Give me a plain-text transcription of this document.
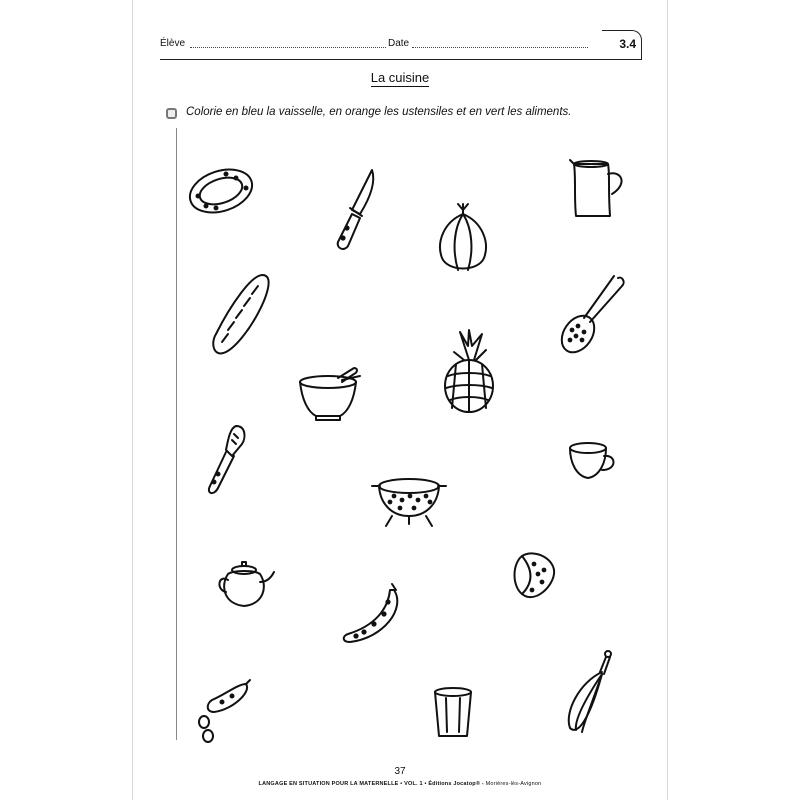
Élève	Date	3.4
La cuisine
Colorie en bleu la vaisselle, en orange les ustensiles et en vert les aliments.
37
LANGAGE EN SITUATION POUR LA MATERNELLE • VOL. 1 • Éditions Jocatop® - Morières-lès-Avignon
